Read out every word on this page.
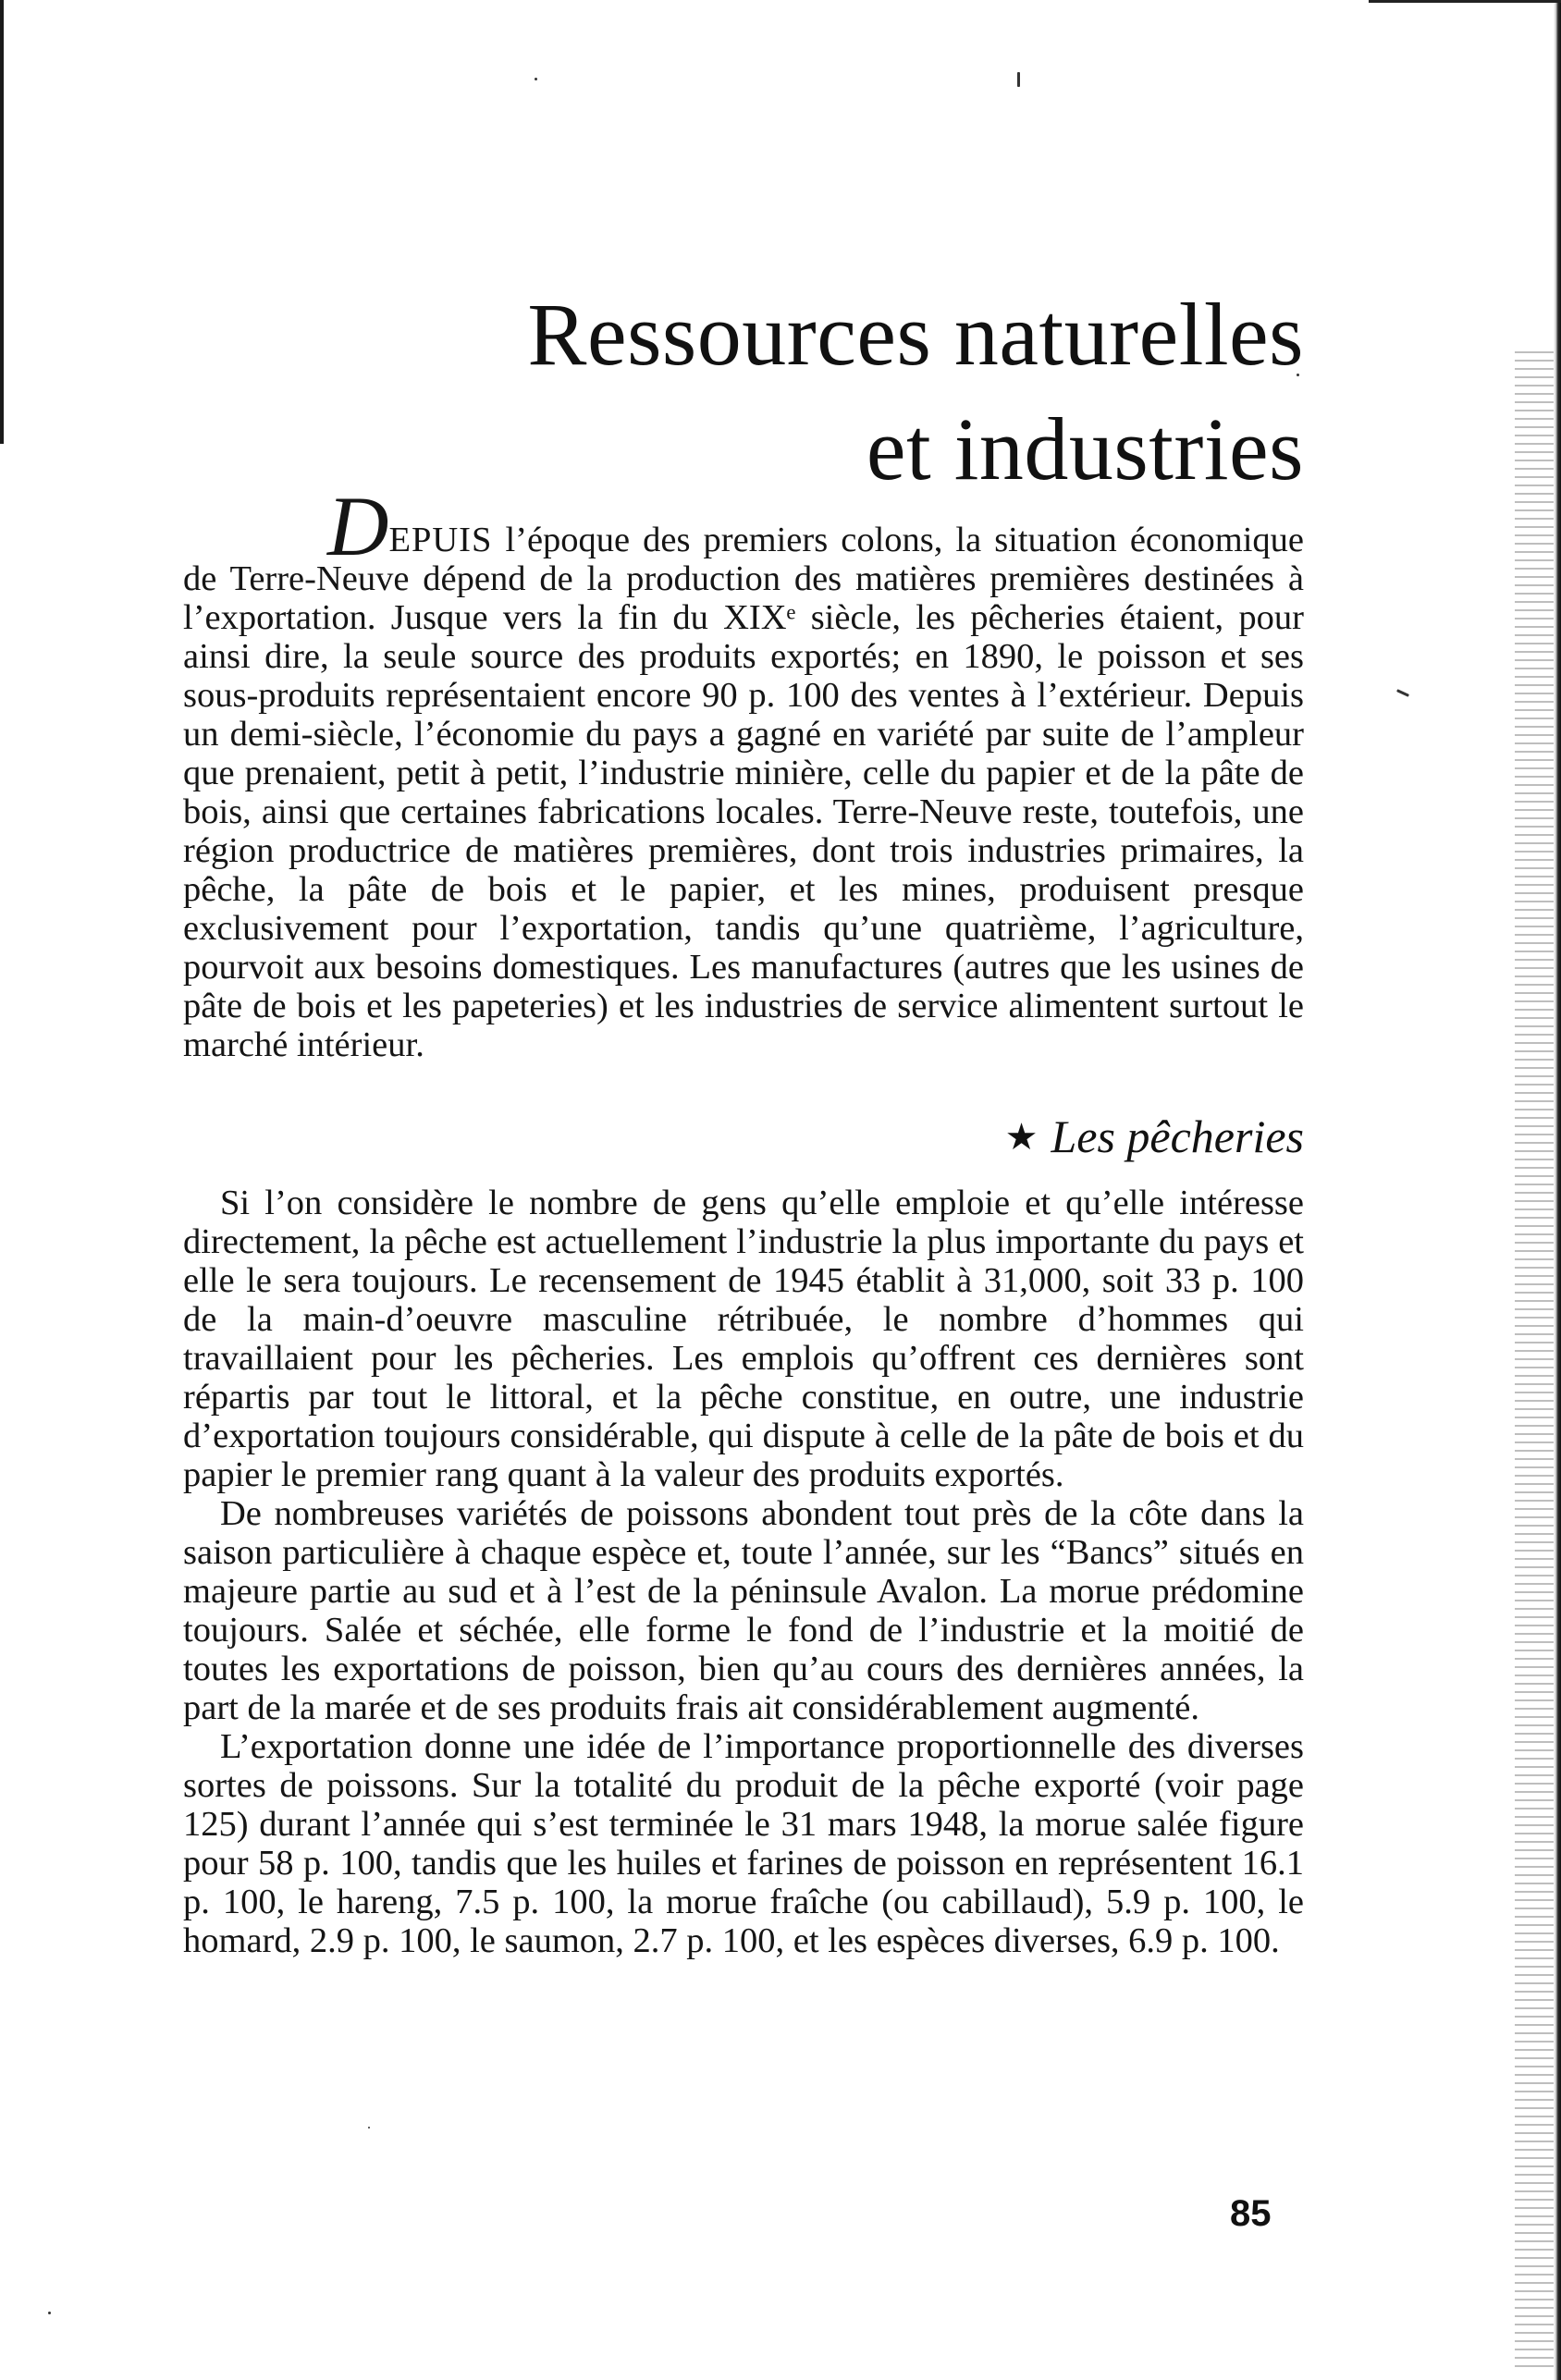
Ressources naturelles
et industries

DEPUIS l’époque des premiers colons, la situation économique de Terre-Neuve dépend de la production des matières premières destinées à l’exportation. Jusque vers la fin du XIXᵉ siècle, les pêcheries étaient, pour ainsi dire, la seule source des produits exportés; en 1890, le poisson et ses sous-produits représentaient encore 90 p. 100 des ventes à l’extérieur. Depuis un demi-siècle, l’économie du pays a gagné en variété par suite de l’ampleur que prenaient, petit à petit, l’industrie minière, celle du papier et de la pâte de bois, ainsi que certaines fabrications locales. Terre-Neuve reste, toutefois, une région productrice de matières premières, dont trois industries primaires, la pêche, la pâte de bois et le papier, et les mines, produisent presque exclusivement pour l’exportation, tandis qu’une quatrième, l’agriculture, pourvoit aux besoins domestiques. Les manufactures (autres que les usines de pâte de bois et les papeteries) et les industries de service alimentent surtout le marché intérieur.

★ Les pêcheries

Si l’on considère le nombre de gens qu’elle emploie et qu’elle intéresse directement, la pêche est actuellement l’industrie la plus importante du pays et elle le sera toujours. Le recensement de 1945 établit à 31,000, soit 33 p. 100 de la main-d’oeuvre masculine rétribuée, le nombre d’hommes qui travaillaient pour les pêcheries. Les emplois qu’offrent ces dernières sont répartis par tout le littoral, et la pêche constitue, en outre, une industrie d’exportation toujours considérable, qui dispute à celle de la pâte de bois et du papier le premier rang quant à la valeur des produits exportés.

De nombreuses variétés de poissons abondent tout près de la côte dans la saison particulière à chaque espèce et, toute l’année, sur les “Bancs” situés en majeure partie au sud et à l’est de la péninsule Avalon. La morue prédomine toujours. Salée et séchée, elle forme le fond de l’industrie et la moitié de toutes les exportations de poisson, bien qu’au cours des dernières années, la part de la marée et de ses produits frais ait considérablement augmenté.

L’exportation donne une idée de l’importance proportionnelle des diverses sortes de poissons. Sur la totalité du produit de la pêche exporté (voir page 125) durant l’année qui s’est terminée le 31 mars 1948, la morue salée figure pour 58 p. 100, tandis que les huiles et farines de poisson en représentent 16.1 p. 100, le hareng, 7.5 p. 100, la morue fraîche (ou cabillaud), 5.9 p. 100, le homard, 2.9 p. 100, le saumon, 2.7 p. 100, et les espèces diverses, 6.9 p. 100.

85
